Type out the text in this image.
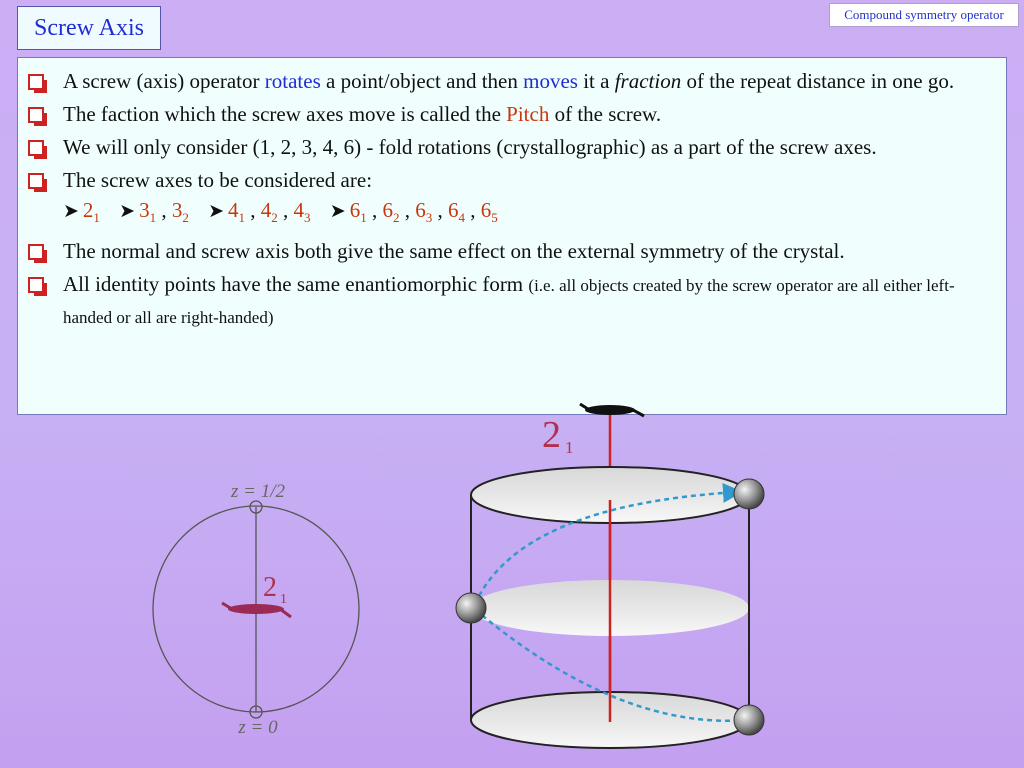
Screw Axis	Compound symmetry operator
A screw (axis) operator rotates a point/object and then moves it a fraction of the repeat distance in one go.
The faction which the screw axes move is called the Pitch of the screw.
We will only consider (1, 2, 3, 4, 6) - fold rotations (crystallographic) as a part of the screw axes.
The screw axes to be considered are:
➤ $2_1$ ➤ $3_1$ , $3_2$ ➤ $4_1$ , $4_2$ , $4_3$ ➤ $6_1$ , $6_2$ , $6_3$ , $6_4$ , $6_5$
The normal and screw axis both give the same effect on the external symmetry of the crystal.
All identity points have the same enantiomorphic form (i.e. all objects created by the screw operator are all either left-handed or all are right-handed)
z = 1/2
z = 0
2 1
2 1
